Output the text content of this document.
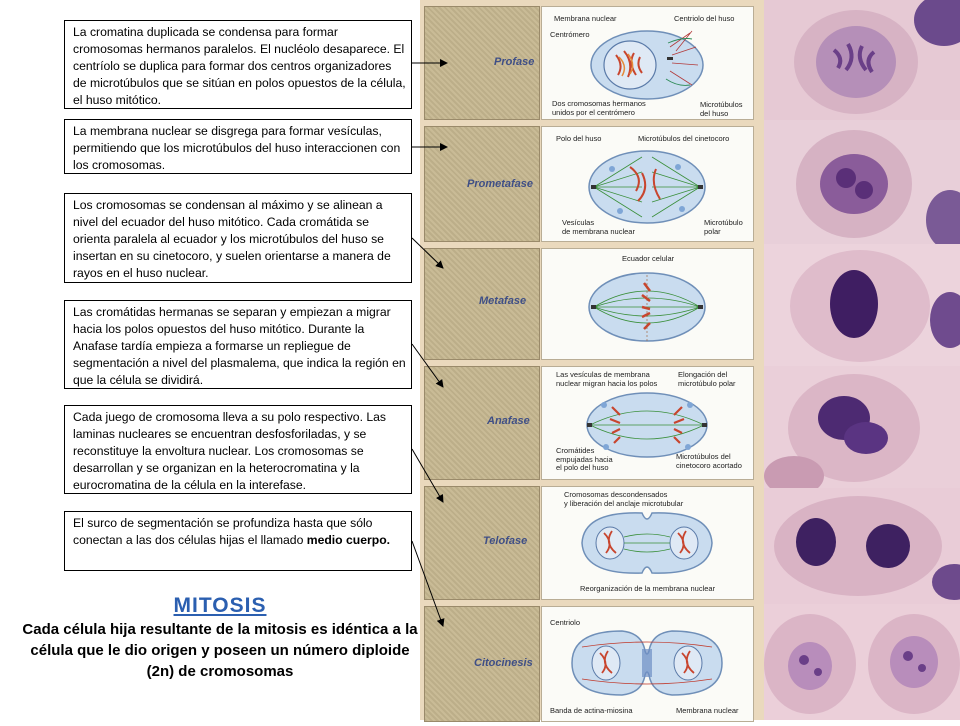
La cromatina duplicada se condensa para formar cromosomas hermanos paralelos. El nucléolo desaparece. El centríolo se duplica para formar dos centros organizadores de microtúbulos que se sitúan en polos opuestos de la célula, el huso mitótico.
La membrana nuclear se disgrega para formar vesículas, permitiendo que los microtúbulos del huso interaccionen con los cromosomas.
Los cromosomas se condensan al máximo y se alinean a nivel del ecuador del huso mitótico. Cada cromátida se orienta paralela al ecuador y los microtúbulos del huso se insertan en su cinetocoro, y suelen orientarse a manera de rayos en el huso nuclear.
Las cromátidas hermanas se separan y empiezan a migrar hacia los polos opuestos del huso mitótico. Durante la Anafase tardía empieza a formarse un repliegue de segmentación a nivel del plasmalema, que indica la región en que la célula se dividirá.
Cada juego de cromosoma lleva a su polo respectivo. Las laminas nucleares se encuentran desfosforiladas, y se reconstituye la envoltura nuclear. Los cromosomas se desarrollan y se organizan en la heterocromatina y la eurocromatina de la célula en la interefase.
El surco de segmentación se profundiza hasta que sólo conectan a las dos células hijas el llamado medio cuerpo.
MITOSIS
Cada célula hija resultante de la mitosis es idéntica a la célula que le dio origen y poseen un número diploide (2n) de cromosomas
Profase
Prometafase
Metafase
Anafase
Telofase
Citocinesis
Membrana nuclear	Centriolo del huso
Centrómero
Dos cromosomas hermanos
unidos por el centrómero
Microtúbulos
del huso
Polo del huso	Microtúbulos del cinetocoro
Vesículas
de membrana nuclear
Microtúbulo
polar
Ecuador celular
Las vesículas de membrana
nuclear migran hacia los polos
Elongación del
microtúbulo polar
Cromátides
empujadas hacia
el polo del huso
Microtúbulos del
cinetocoro acortado
Cromosomas descondensados
y liberación del anclaje microtubular
Reorganización de la membrana nuclear
Centriolo
Banda de actina-miosina	Membrana nuclear
